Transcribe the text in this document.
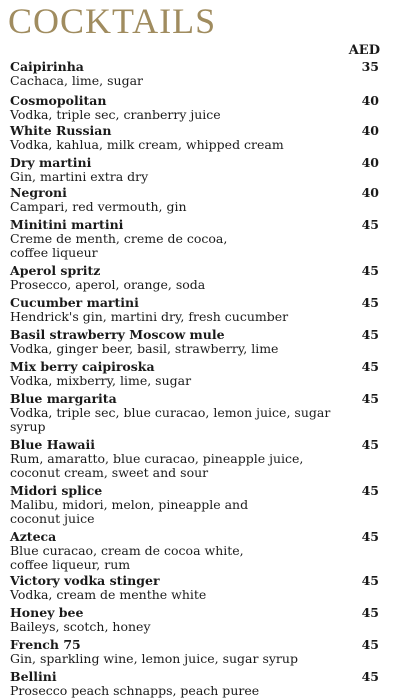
COCKTAILS
AED
Caipirinha
Cachaca, lime, sugar
35
Cosmopolitan
Vodka, triple sec, cranberry juice
40
White Russian
Vodka, kahlua, milk cream, whipped cream
40
Dry martini
Gin, martini extra dry
40
Negroni
Campari, red vermouth, gin
40
Minitini martini
Creme de menth, creme de cocoa, coffee liqueur
45
Aperol spritz
Prosecco, aperol, orange, soda
45
Cucumber martini
Hendrick's gin, martini dry, fresh cucumber
45
Basil strawberry Moscow mule
Vodka, ginger beer, basil, strawberry, lime
45
Mix berry caipiroska
Vodka, mixberry, lime, sugar
45
Blue margarita
Vodka, triple sec, blue curacao, lemon juice, sugar syrup
45
Blue Hawaii
Rum, amaratto, blue curacao, pineapple juice, coconut cream, sweet and sour
45
Midori splice
Malibu, midori, melon, pineapple and coconut juice
45
Azteca
Blue curacao, cream de cocoa white, coffee liqueur, rum
45
Victory vodka stinger
Vodka, cream de menthe white
45
Honey bee
Baileys, scotch, honey
45
French 75
Gin, sparkling wine, lemon juice, sugar syrup
45
Bellini
Prosecco peach schnapps, peach puree
45
